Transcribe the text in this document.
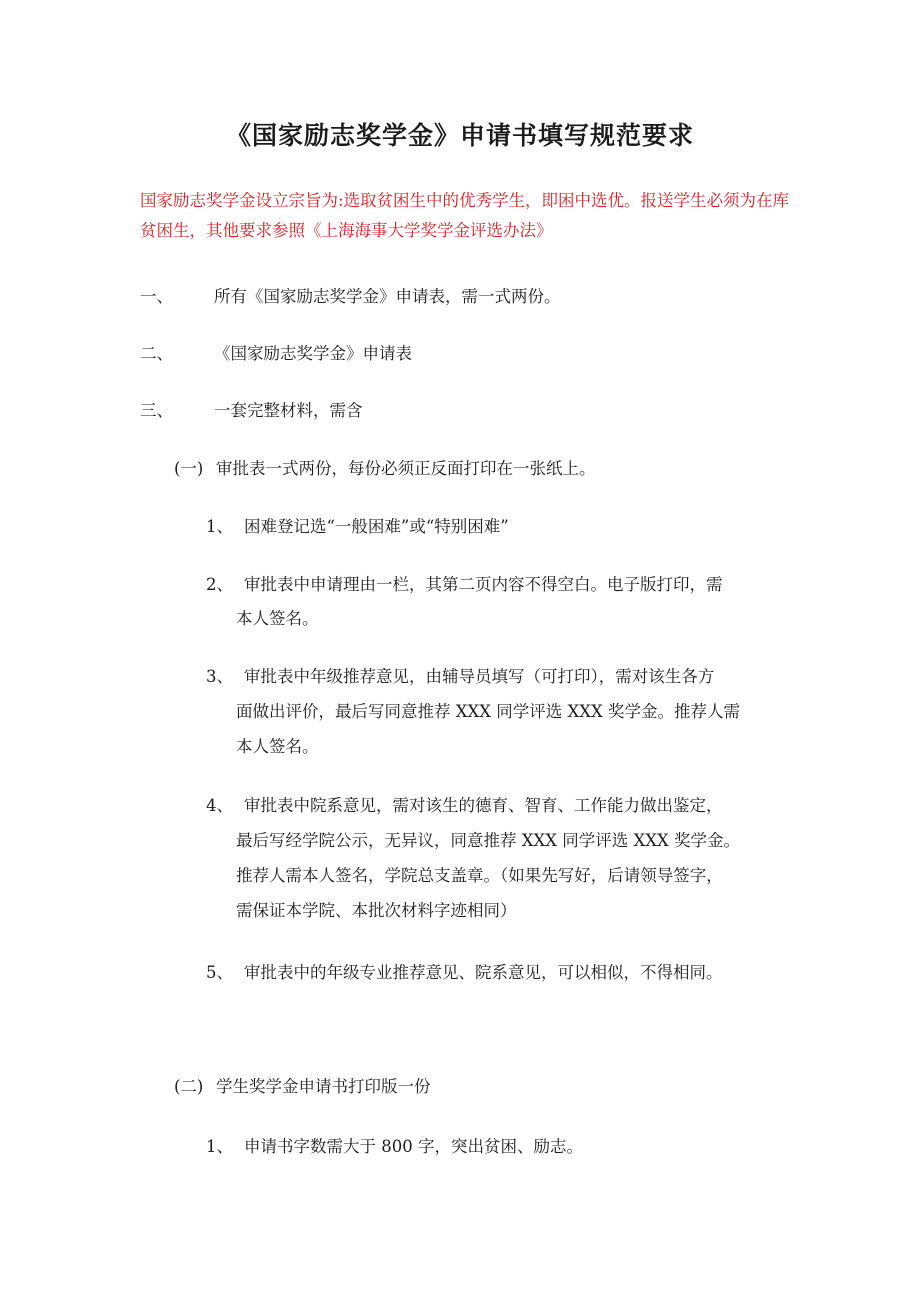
《国家励志奖学金》申请书填写规范要求

国家励志奖学金设立宗旨为:选取贫困生中的优秀学生，即困中选优。报送学生必须为在库贫困生，其他要求参照《上海海事大学奖学金评选办法》

一、 所有《国家励志奖学金》申请表，需一式两份。
二、 《国家励志奖学金》申请表
三、 一套完整材料，需含
(一) 审批表一式两份，每份必须正反面打印在一张纸上。
1、 困难登记选“一般困难”或“特别困难”
2、 审批表中申请理由一栏，其第二页内容不得空白。电子版打印，需
本人签名。
3、 审批表中年级推荐意见，由辅导员填写（可打印），需对该生各方
面做出评价，最后写同意推荐 XXX 同学评选 XXX 奖学金。推荐人需
本人签名。
4、 审批表中院系意见，需对该生的德育、智育、工作能力做出鉴定，
最后写经学院公示，无异议，同意推荐 XXX 同学评选 XXX 奖学金。
推荐人需本人签名，学院总支盖章。（如果先写好，后请领导签字，
需保证本学院、本批次材料字迹相同）
5、 审批表中的年级专业推荐意见、院系意见，可以相似，不得相同。
(二) 学生奖学金申请书打印版一份
1、 申请书字数需大于 800 字，突出贫困、励志。
